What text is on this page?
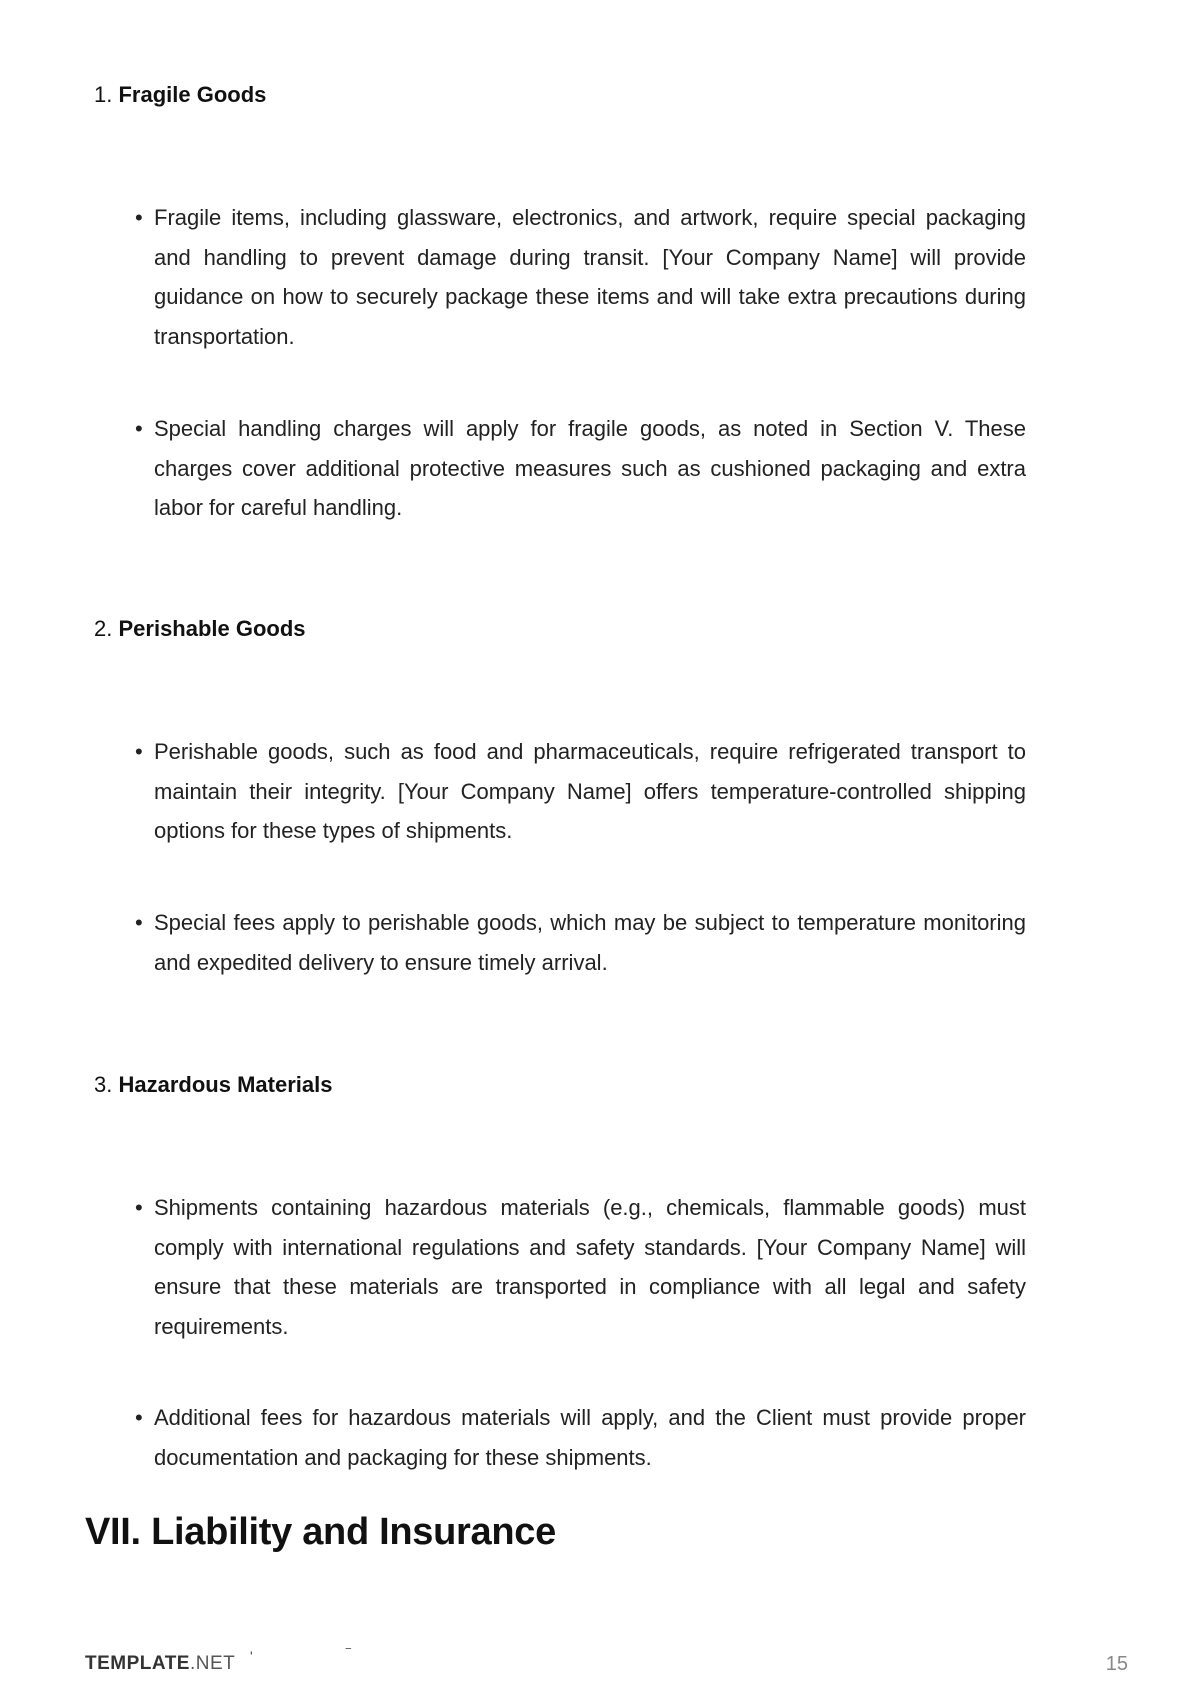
1. Fragile Goods
• Fragile items, including glassware, electronics, and artwork, require special packaging and handling to prevent damage during transit. [Your Company Name] will provide guidance on how to securely package these items and will take extra precautions during transportation.
• Special handling charges will apply for fragile goods, as noted in Section V. These charges cover additional protective measures such as cushioned packaging and extra labor for careful handling.
2. Perishable Goods
• Perishable goods, such as food and pharmaceuticals, require refrigerated transport to maintain their integrity. [Your Company Name] offers temperature-controlled shipping options for these types of shipments.
• Special fees apply to perishable goods, which may be subject to temperature monitoring and expedited delivery to ensure timely arrival.
3. Hazardous Materials
• Shipments containing hazardous materials (e.g., chemicals, flammable goods) must comply with international regulations and safety standards. [Your Company Name] will ensure that these materials are transported in compliance with all legal and safety requirements.
• Additional fees for hazardous materials will apply, and the Client must provide proper documentation and packaging for these shipments.
VII. Liability and Insurance
TEMPLATE.NET '	‾	15
